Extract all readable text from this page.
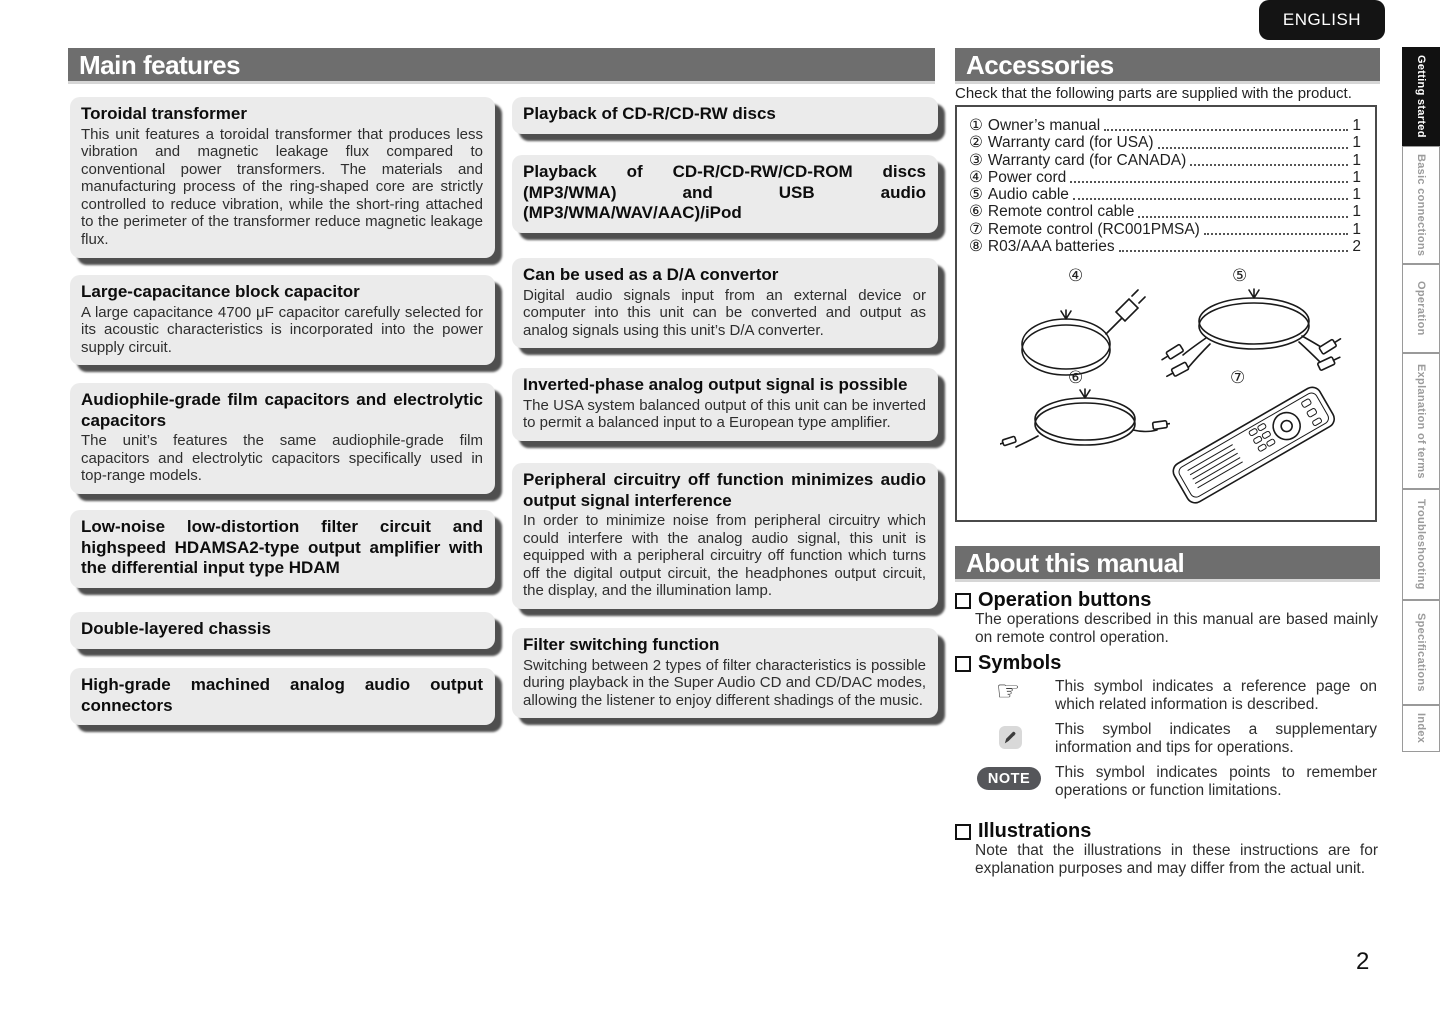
ENGLISH
Main features
Toroidal transformer

This unit features a toroidal transformer that produces less vibration and magnetic leakage flux compared to conventional power transformers. The materials and manufacturing process of the ring-shaped core are strictly controlled to reduce vibration, while the short-ring attached to the perimeter of the transformer reduce magnetic leakage flux.

Large-capacitance block capacitor

A large capacitance 4700 μF capacitor carefully selected for its acoustic characteristics is incorporated into the power supply circuit.

Audiophile-grade film capacitors and electrolytic capacitors

The unit’s features the same audiophile-grade film capacitors and electrolytic capacitors specifically used in top-range models.

Low-noise low-distortion filter circuit and highspeed HDAMSA2-type output amplifier with the differential input type HDAM
Double-layered chassis
High-grade machined analog audio output connectors
Playback of CD-R/CD-RW discs
Playback of CD-R/CD-RW/CD-ROM discs (MP3/WMA) and USB audio (MP3/WMA/WAV/AAC)/iPod
Can be used as a D/A convertor

Digital audio signals input from an external device or computer into this unit can be converted and output as analog signals using this unit’s D/A converter.

Inverted-phase analog output signal is possible

The USA system balanced output of this unit can be inverted to permit a balanced input to a European type amplifier.

Peripheral circuitry off function minimizes audio output signal interference

In order to minimize noise from peripheral circuitry which could interfere with the analog audio signal, this unit is equipped with a peripheral circuitry off function which turns off the digital output circuit, the headphones output circuit, the display, and the illumination lamp.

Filter switching function

Switching between 2 types of filter characteristics is possible during playback in the Super Audio CD and CD/DAC modes, allowing the listener to enjoy different shadings of the music.

Accessories
Check that the following parts are supplied with the product.
① Owner’s manual	1
② Warranty card (for USA)	1
③ Warranty card (for CANADA)	1
④ Power cord	1
⑤ Audio cable	1
⑥ Remote control cable	1
⑦ Remote control (RC001PMSA)	1
⑧ R03/AAA batteries	2
④	⑤
⑥	⑦
About this manual
Operation buttons
The operations described in this manual are based mainly on remote control operation.
Symbols
☞ This symbol indicates a reference page on which related information is described.
This symbol indicates a supplementary information and tips for operations.
NOTE	This symbol indicates points to remember operations or function limitations.
Illustrations
Note that the illustrations in these instructions are for explanation purposes and may differ from the actual unit.
Getting started
Basic connections
Operation
Explanation of terms
Troubleshooting
Specifications
Index
2
